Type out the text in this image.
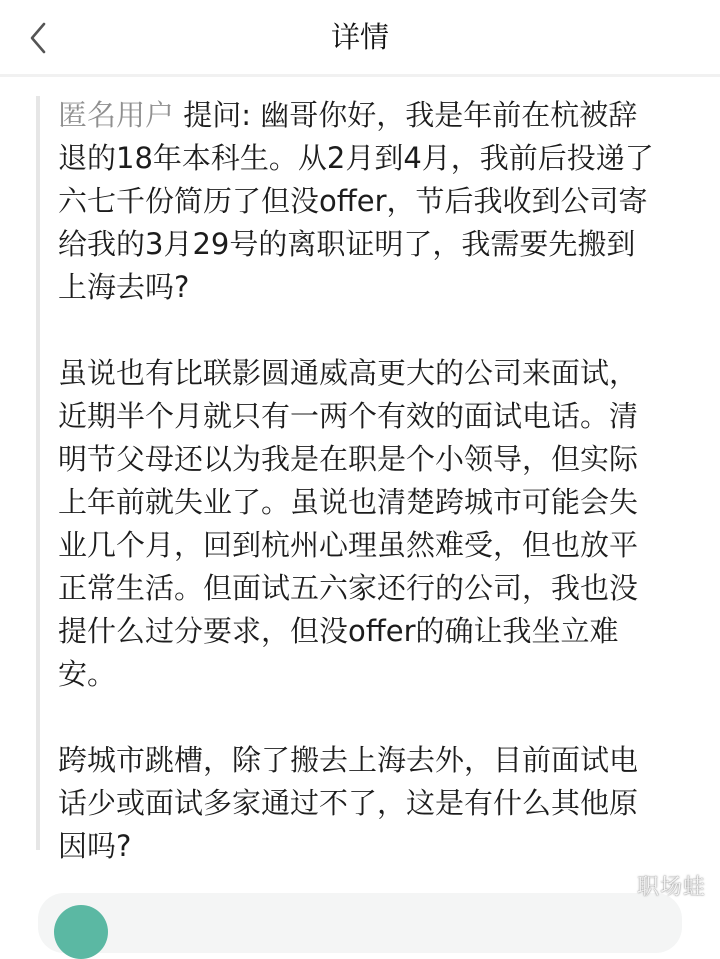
详情

匿名用户 提问: 幽哥你好，我是年前在杭被辞
退的18年本科生。从2月到4月，我前后投递了
六七千份简历了但没offer，节后我收到公司寄
给我的3月29号的离职证明了，我需要先搬到
上海去吗?

虽说也有比联影圆通威高更大的公司来面试，
近期半个月就只有一两个有效的面试电话。清
明节父母还以为我是在职是个小领导，但实际
上年前就失业了。虽说也清楚跨城市可能会失
业几个月，回到杭州心理虽然难受，但也放平
正常生活。但面试五六家还行的公司，我也没
提什么过分要求，但没offer的确让我坐立难
安。

跨城市跳槽，除了搬去上海去外，目前面试电
话少或面试多家通过不了，这是有什么其他原
因吗?

职场蛙
